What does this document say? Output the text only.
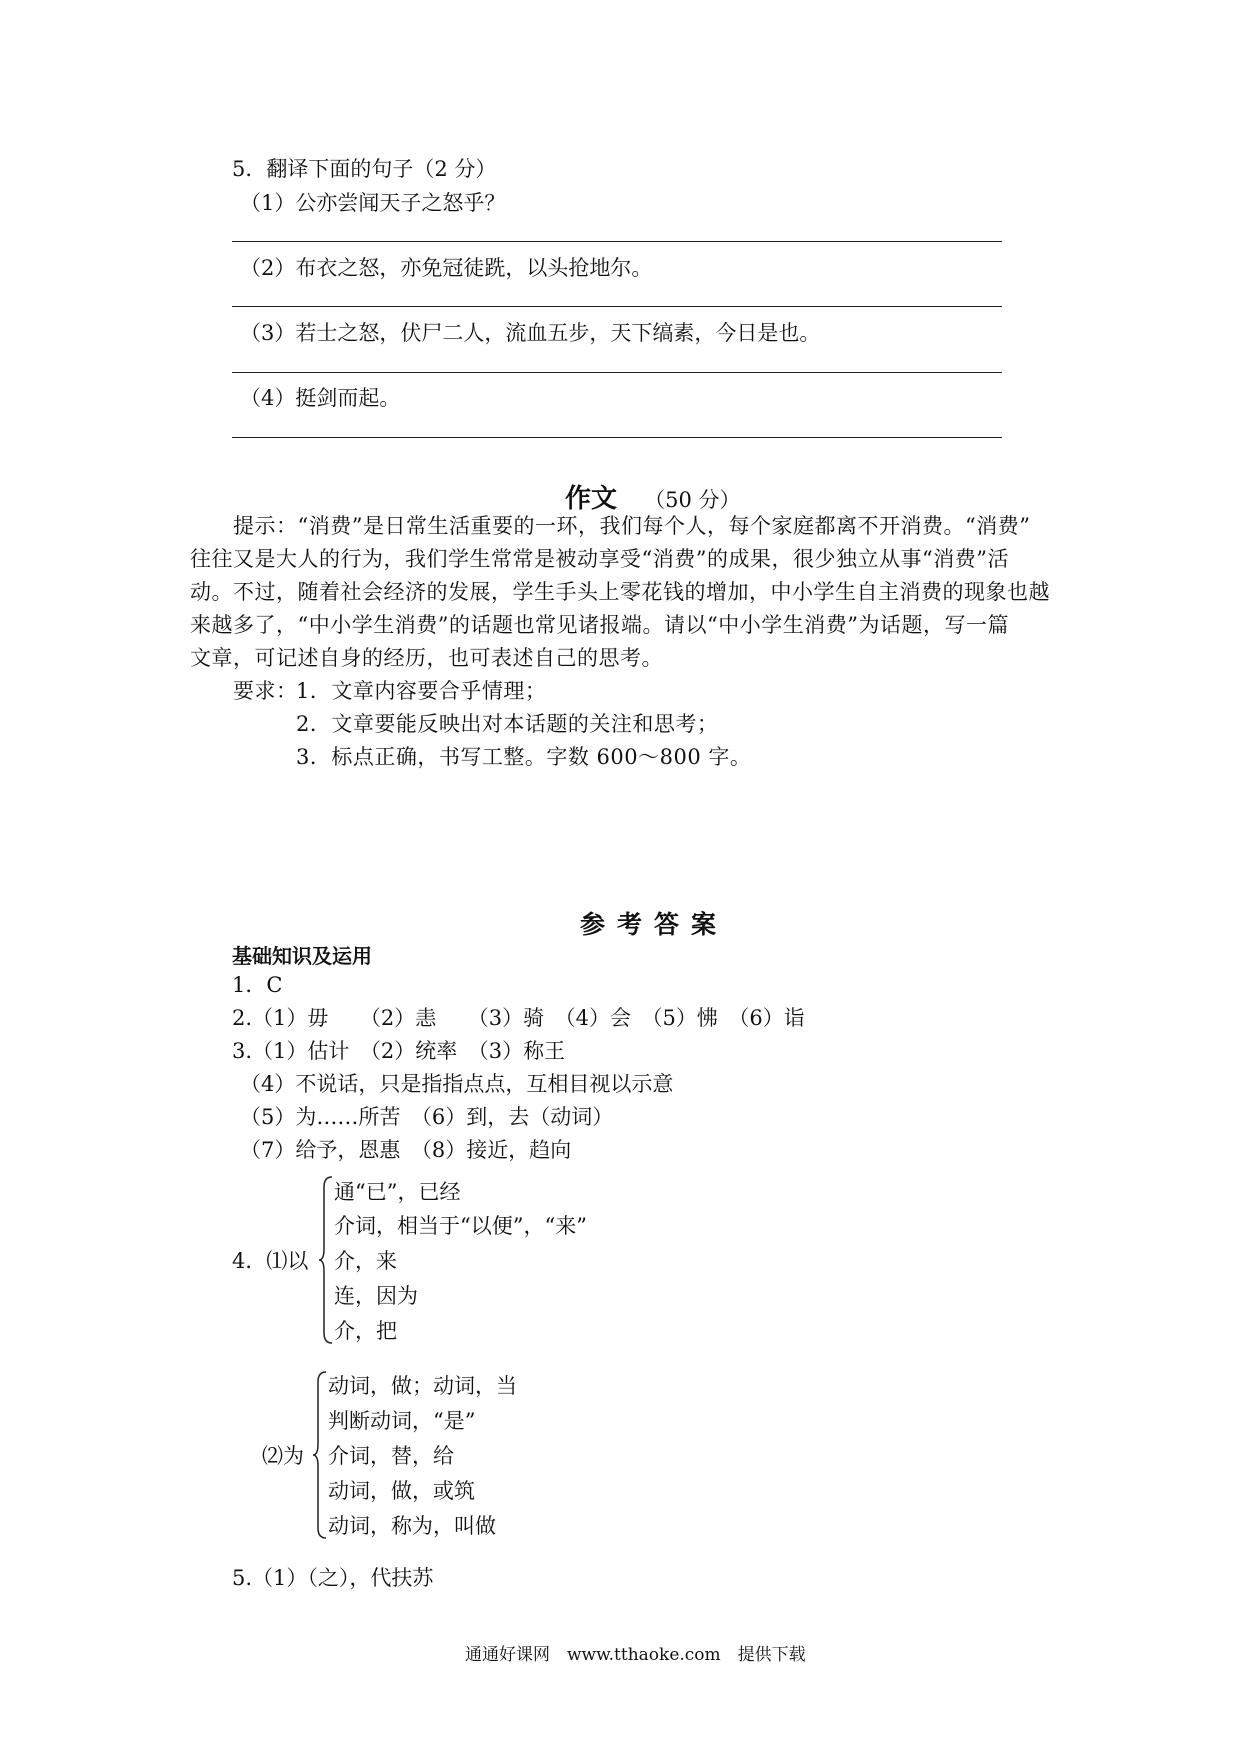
5．翻译下面的句子（2 分）
（1）公亦尝闻天子之怒乎？
（2）布衣之怒，亦免冠徒跣，以头抢地尔。
（3）若士之怒，伏尸二人，流血五步，天下缟素，今日是也。
（4）挺剑而起。
作文 （50 分）
提示：“消费”是日常生活重要的一环，我们每个人，每个家庭都离不开消费。“消费”
往往又是大人的行为，我们学生常常是被动享受“消费”的成果，很少独立从事“消费”活
动。不过，随着社会经济的发展，学生手头上零花钱的增加，中小学生自主消费的现象也越
来越多了，“中小学生消费”的话题也常见诸报端。请以“中小学生消费”为话题，写一篇
文章，可记述自身的经历，也可表述自己的思考。
要求：
1．文章内容要合乎情理；
2．文章要能反映出对本话题的关注和思考；
3．标点正确，书写工整。字数 600～800 字。
参考答案
基础知识及运用
1．C
2.（1）毋　　（2）恚　　（3）骑　（4）会　（5）怫　（6）诣
3.（1）估计　（2）统率　（3）称王
（4）不说话，只是指指点点，互相目视以示意
（5）为……所苦　（6）到，去（动词）
（7）给予，恩惠　（8）接近，趋向
4．⑴以
通“已”，已经
介词，相当于“以便”，“来”
介，来
连，因为
介，把
⑵为
动词，做；动词，当
判断动词，“是”
介词，替，给
动词，做，或筑
动词，称为，叫做
5.（1）（之），代扶苏
通通好课网　www.tthaoke.com　提供下载
